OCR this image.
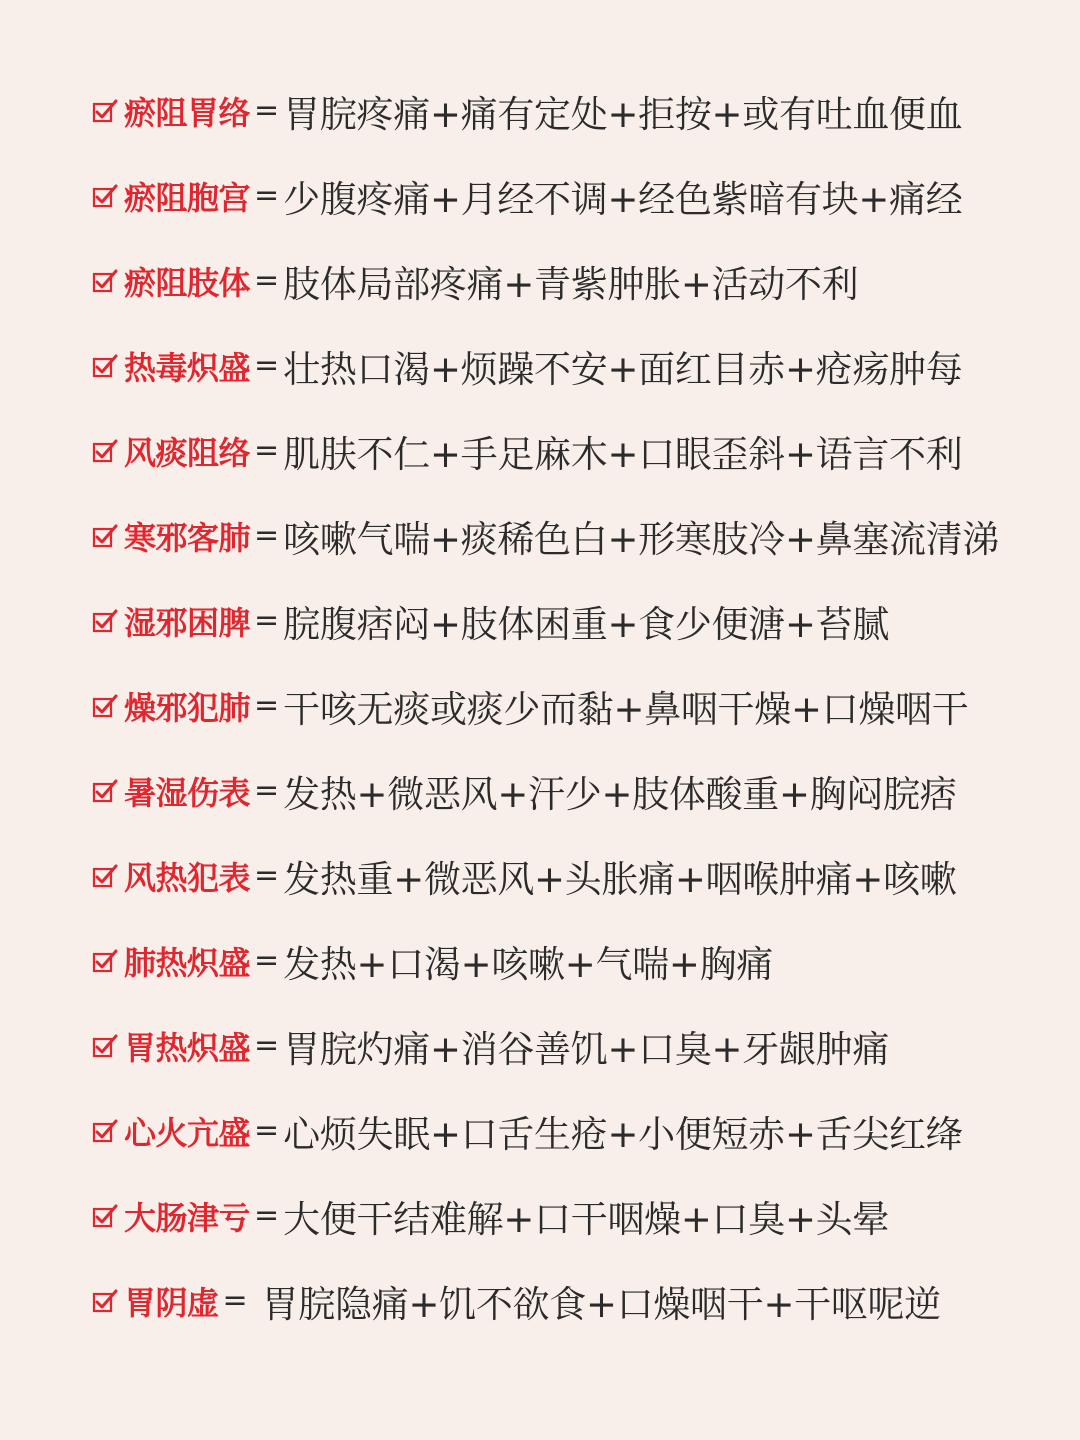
瘀阻胃络 = 胃脘疼痛+痛有定处+拒按+或有吐血便血
瘀阻胞宫 = 少腹疼痛+月经不调+经色紫暗有块+痛经
瘀阻肢体 = 肢体局部疼痛+青紫肿胀+活动不利
热毒炽盛 = 壮热口渴+烦躁不安+面红目赤+疮疡肿每
风痰阻络 = 肌肤不仁+手足麻木+口眼歪斜+语言不利
寒邪客肺 = 咳嗽气喘+痰稀色白+形寒肢冷+鼻塞流清涕
湿邪困脾 = 脘腹痞闷+肢体困重+食少便溏+苔腻
燥邪犯肺 = 干咳无痰或痰少而黏+鼻咽干燥+口燥咽干
暑湿伤表 = 发热+微恶风+汗少+肢体酸重+胸闷脘痞
风热犯表 = 发热重+微恶风+头胀痛+咽喉肿痛+咳嗽
肺热炽盛 = 发热+口渴+咳嗽+气喘+胸痛
胃热炽盛 = 胃脘灼痛+消谷善饥+口臭+牙龈肿痛
心火亢盛 = 心烦失眠+口舌生疮+小便短赤+舌尖红绛
大肠津亏 = 大便干结难解+口干咽燥+口臭+头晕
胃阴虚 = 胃脘隐痛+饥不欲食+口燥咽干+干呕呢逆
